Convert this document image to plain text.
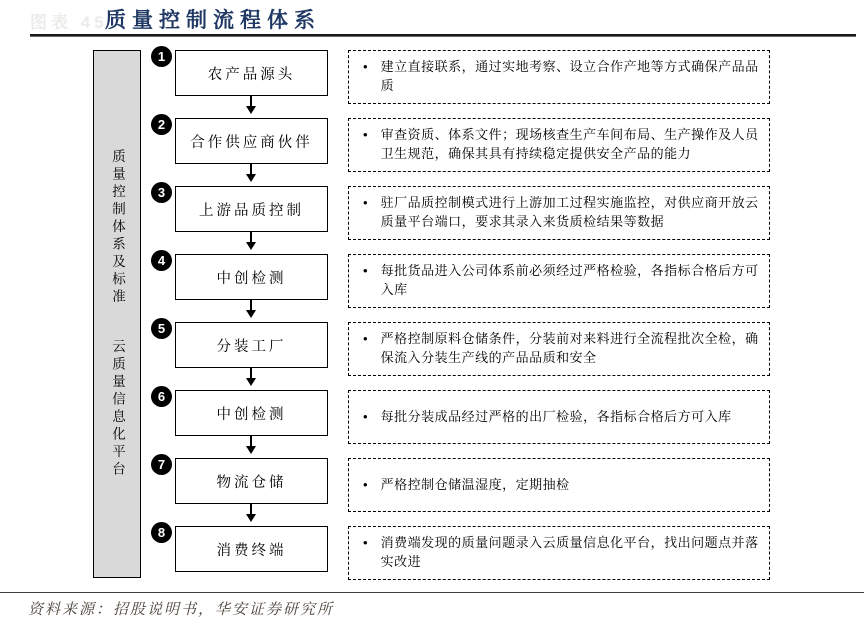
图表 45
质量控制流程体系
质量控制体系及标准
云质量信息化平台
1
农产品源头	• 建立直接联系，通过实地考察、设立合作产地等方式确保产品品质
2
合作供应商伙伴	• 审查资质、体系文件；现场核查生产车间布局、生产操作及人员卫生规范，确保其具有持续稳定提供安全产品的能力
3
上游品质控制	• 驻厂品质控制模式进行上游加工过程实施监控，对供应商开放云质量平台端口，要求其录入来货质检结果等数据
4
中创检测	• 每批货品进入公司体系前必须经过严格检验，各指标合格后方可入库
5
分装工厂	• 严格控制原料仓储条件，分装前对来料进行全流程批次全检，确保流入分装生产线的产品品质和安全
6
中创检测	• 每批分装成品经过严格的出厂检验，各指标合格后方可入库
7
物流仓储	• 严格控制仓储温湿度，定期抽检
8
消费终端	• 消费端发现的质量问题录入云质量信息化平台，找出问题点并落实改进
资料来源：招股说明书，华安证券研究所
